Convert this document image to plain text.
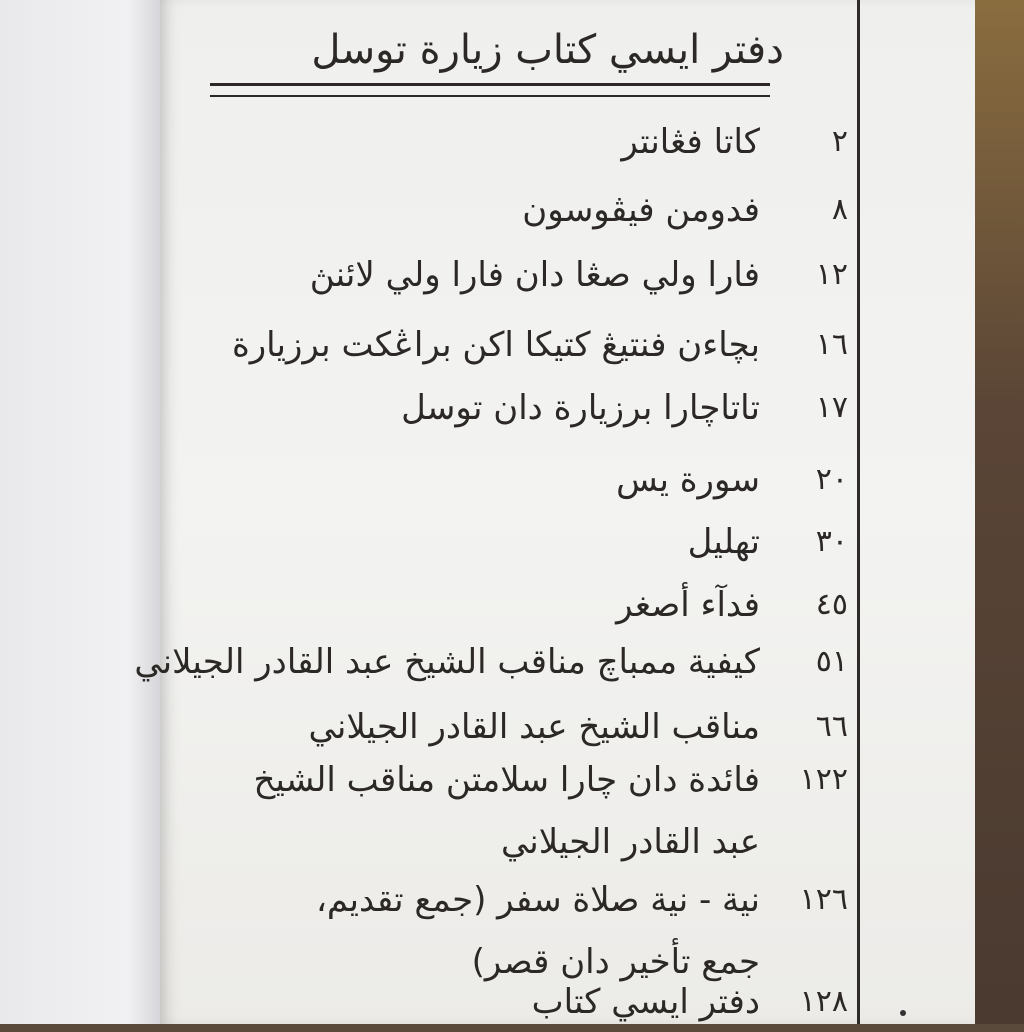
دفتر ايسي كتاب زيارة توسل
٢
كاتا فڠانتر
٨
فدومن فيڤوسون
١٢
فارا ولي صڠا دان فارا ولي لائنڽ
١٦
بچاءن فنتيڠ كتيكا اكن براڠكت برزيارة
١٧
تاتاچارا برزيارة دان توسل
٢٠
سورة يس
٣٠
تهليل
٤٥
فدآء أصغر
٥١
كيفية ممباچ مناقب الشيخ عبد القادر الجيلاني
٦٦
مناقب الشيخ عبد القادر الجيلاني
١٢٢
فائدة دان چارا سلامتن مناقب الشيخ
عبد القادر الجيلاني
١٢٦
نية - نية صلاة سفر (جمع تقديم،
جمع تأخير دان قصر)
١٢٨
دفتر ايسي كتاب
